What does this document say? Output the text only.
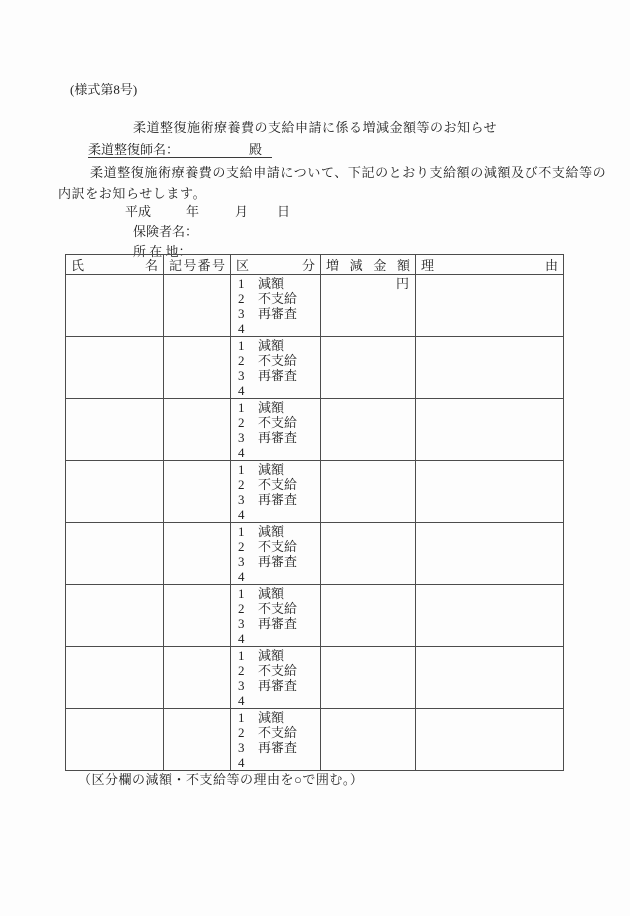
(様式第8号)
柔道整復施術療養費の支給申請に係る増減金額等のお知らせ
柔道整復師名：	殿
柔道整復施術療養費の支給申請について、下記のとおり支給額の減額及び不支給等の
内訳をお知らせします。
平成	年	月 日
保険者名：
所 在 地：
氏 名	記 号 番 号	区 分	増 減 金 額	理 由

		1 減額
2 不支給
3 再審査
4	円	

		1 減額
2 不支給
3 再審査
4		

		1 減額
2 不支給
3 再審査
4		

		1 減額
2 不支給
3 再審査
4		

		1 減額
2 不支給
3 再審査
4		

		1 減額
2 不支給
3 再審査
4		

		1 減額
2 不支給
3 再審査
4		

		1 減額
2 不支給
3 再審査
4		

（区分欄の減額・不支給等の理由を○で囲む。）
